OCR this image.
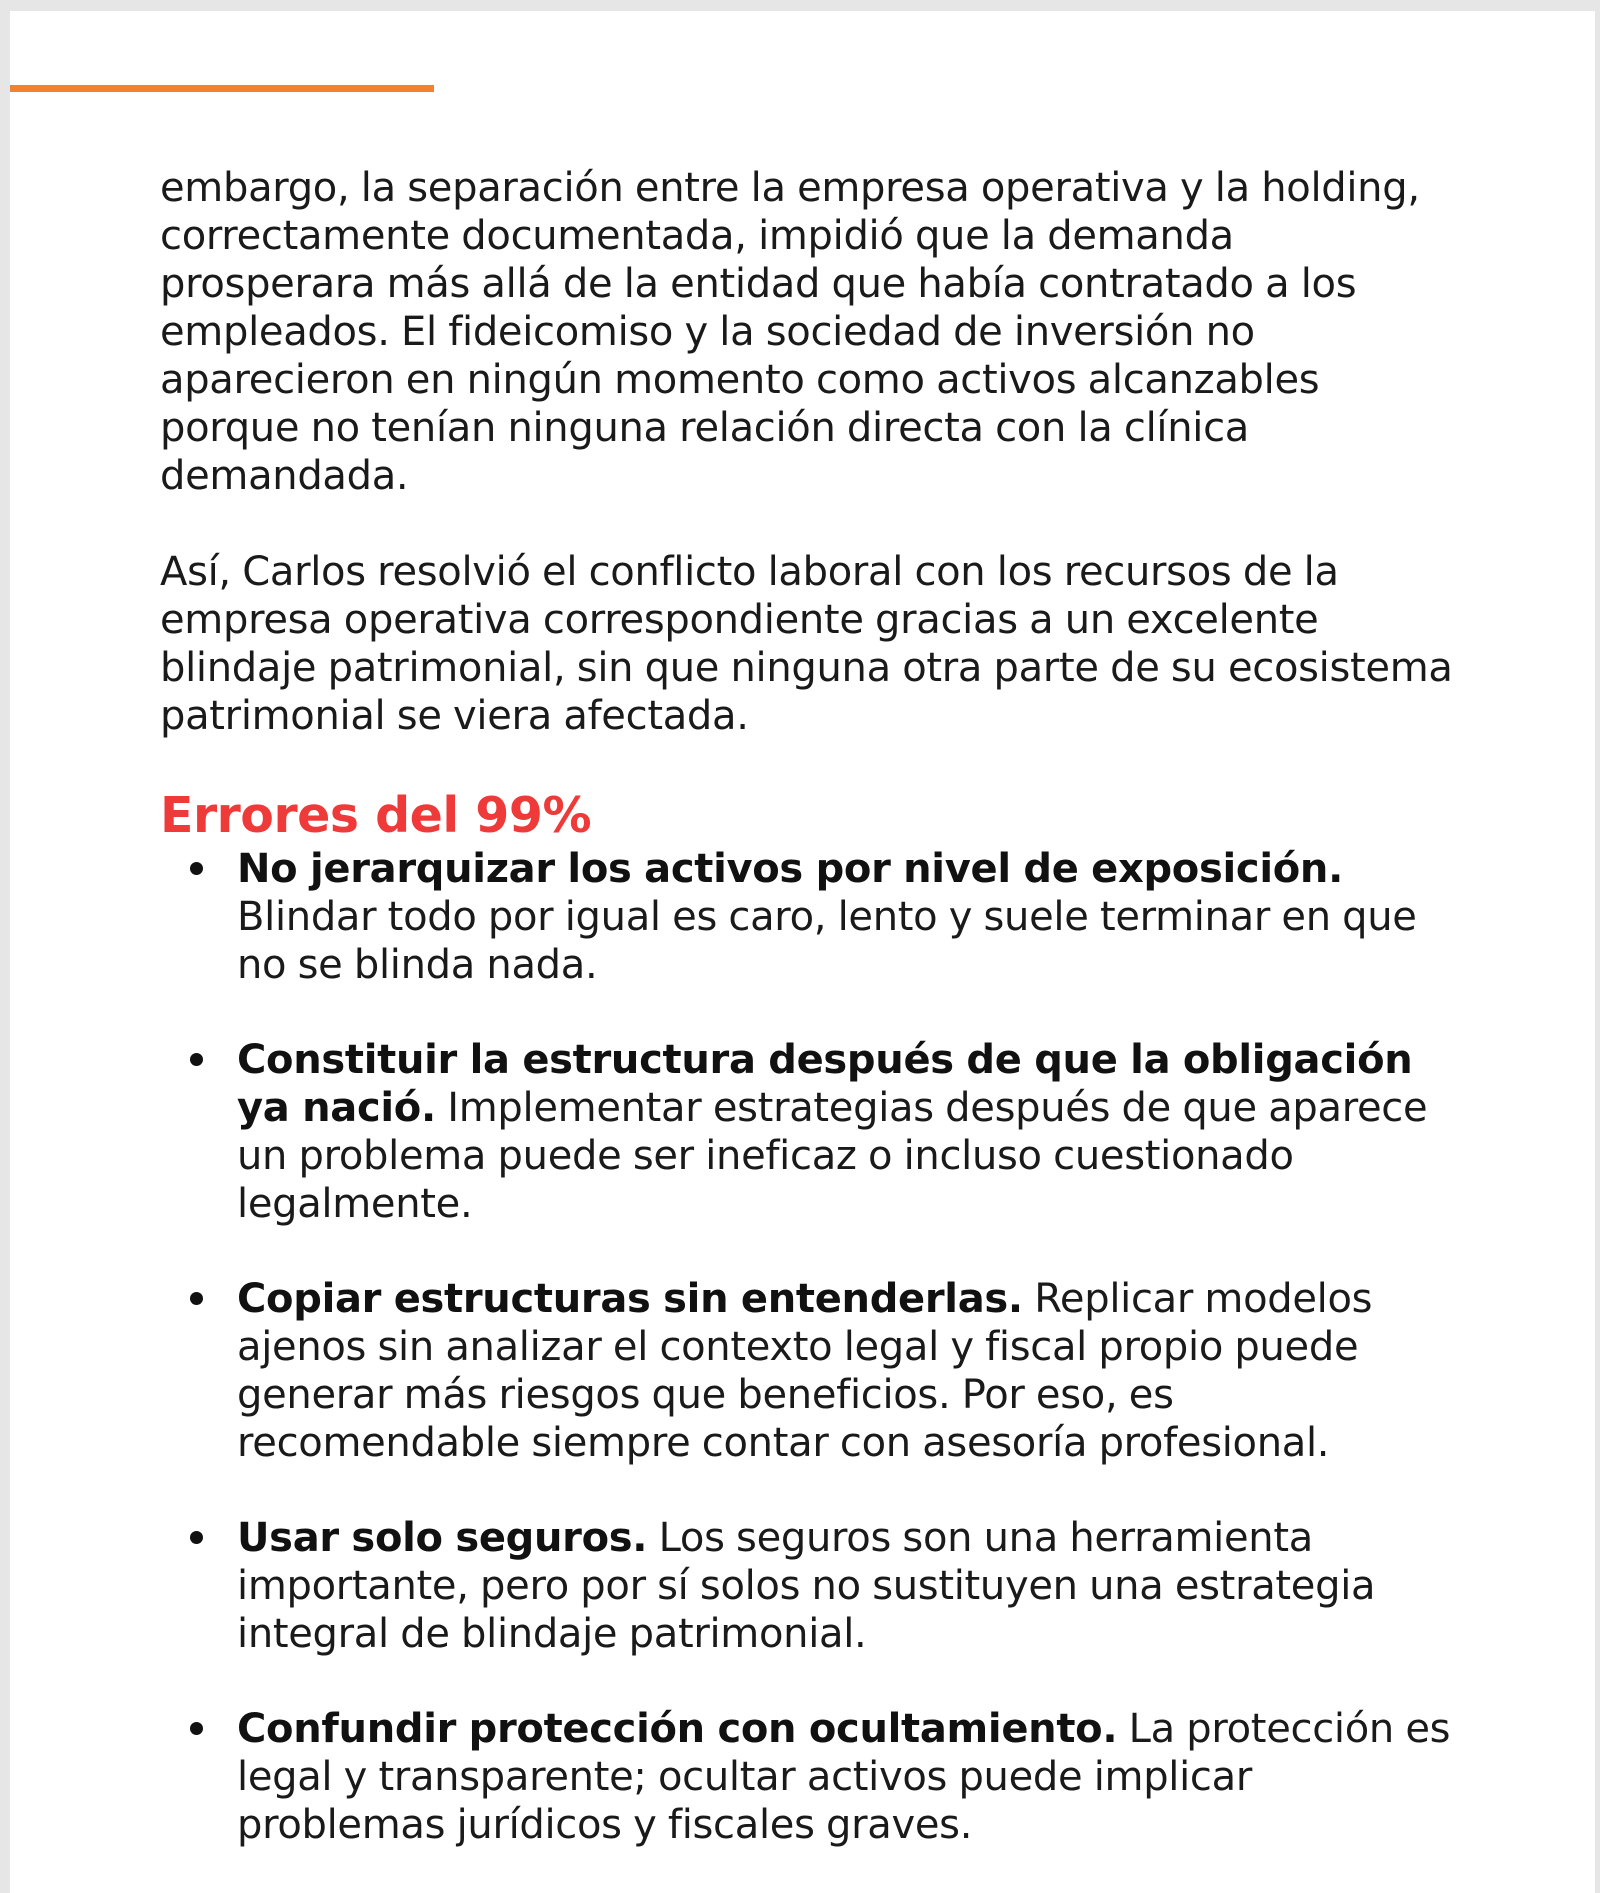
embargo, la separación entre la empresa operativa y la holding, correctamente documentada, impidió que la demanda prosperara más allá de la entidad que había contratado a los empleados. El fideicomiso y la sociedad de inversión no aparecieron en ningún momento como activos alcanzables porque no tenían ninguna relación directa con la clínica demandada.

Así, Carlos resolvió el conflicto laboral con los recursos de la empresa operativa correspondiente gracias a un excelente blindaje patrimonial, sin que ninguna otra parte de su ecosistema patrimonial se viera afectada.

Errores del 99%
No jerarquizar los activos por nivel de exposición. Blindar todo por igual es caro, lento y suele terminar en que no se blinda nada.
Constituir la estructura después de que la obligación ya nació. Implementar estrategias después de que aparece un problema puede ser ineficaz o incluso cuestionado legalmente.
Copiar estructuras sin entenderlas. Replicar modelos ajenos sin analizar el contexto legal y fiscal propio puede generar más riesgos que beneficios. Por eso, es recomendable siempre contar con asesoría profesional.
Usar solo seguros. Los seguros son una herramienta importante, pero por sí solos no sustituyen una estrategia integral de blindaje patrimonial.
Confundir protección con ocultamiento. La protección es legal y transparente; ocultar activos puede implicar problemas jurídicos y fiscales graves.
